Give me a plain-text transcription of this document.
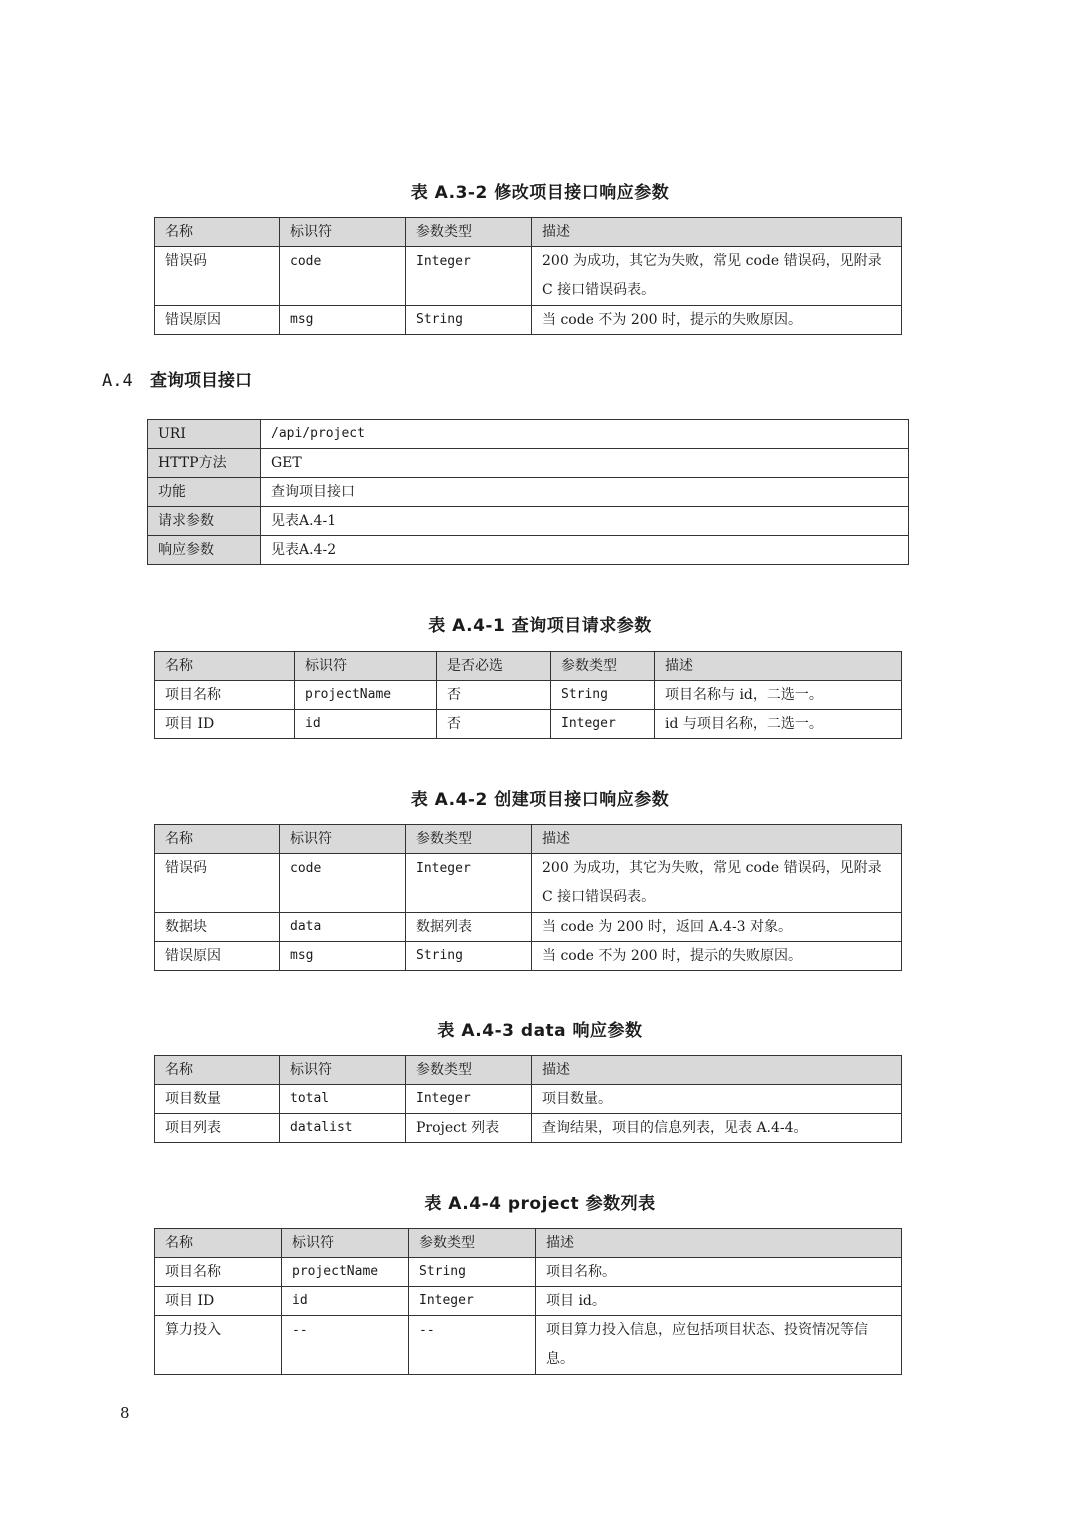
表 A.3-2 修改项目接口响应参数
名称	标识符	参数类型	描述
错误码	code	Integer	200 为成功，其它为失败，常见 code 错误码，见附录 C 接口错误码表。
错误原因	msg	String	当 code 不为 200 时，提示的失败原因。
A.4 查询项目接口
URI	/api/project
HTTP方法	GET
功能	查询项目接口
请求参数	见表A.4-1
响应参数	见表A.4-2
表 A.4-1 查询项目请求参数
名称	标识符	是否必选	参数类型	描述
项目名称	projectName	否	String	项目名称与 id，二选一。
项目 ID	id	否	Integer	id 与项目名称，二选一。
表 A.4-2 创建项目接口响应参数
名称	标识符	参数类型	描述
错误码	code	Integer	200 为成功，其它为失败，常见 code 错误码，见附录 C 接口错误码表。
数据块	data	数据列表	当 code 为 200 时，返回 A.4-3 对象。
错误原因	msg	String	当 code 不为 200 时，提示的失败原因。
表 A.4-3 data 响应参数
名称	标识符	参数类型	描述
项目数量	total	Integer	项目数量。
项目列表	datalist	Project 列表	查询结果，项目的信息列表，见表 A.4-4。
表 A.4-4 project 参数列表
名称	标识符	参数类型	描述
项目名称	projectName	String	项目名称。
项目 ID	id	Integer	项目 id。
算力投入	--	--	项目算力投入信息，应包括项目状态、投资情况等信息。
8
